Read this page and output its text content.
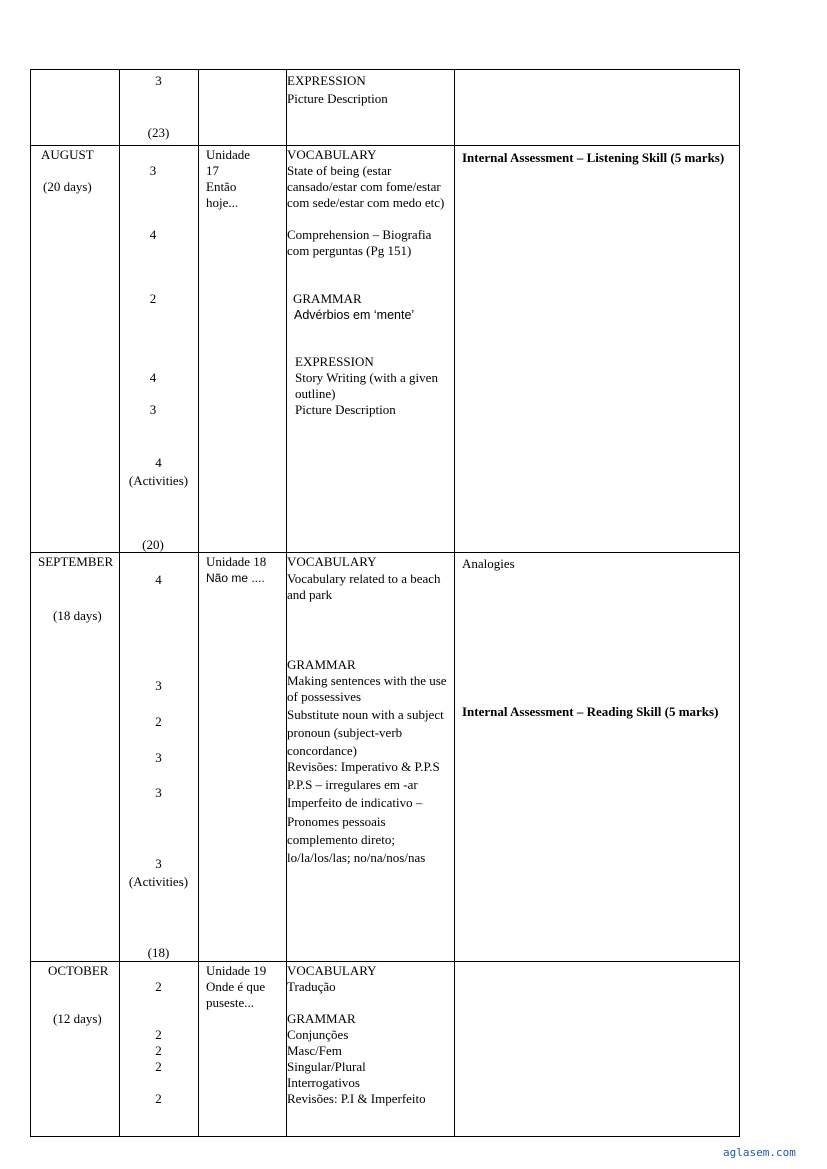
3
(23)
EXPRESSION
Picture Description
AUGUST
(20 days)
3
4
2
4
3
4
(Activities)
(20)
Unidade
17
Então
hoje...
VOCABULARY
State of being (estar cansado/estar com fome/estar com sede/estar com medo etc)
Comprehension – Biografia com perguntas (Pg 151)
GRAMMAR
Advérbios em ‘mente’
EXPRESSION
Story Writing (with a given outline)
Picture Description
Internal Assessment – Listening Skill (5 marks)
SEPTEMBER
(18 days)
4
3
2
3
3
3
(Activities)
(18)
Unidade 18
Não me ....
VOCABULARY
Vocabulary related to a beach and park
GRAMMAR
Making sentences with the use of possessives
Substitute noun with a subject pronoun (subject-verb concordance)
Revisões: Imperativo & P.P.S
P.P.S – irregulares em -ar
Imperfeito de indicativo –
Pronomes pessoais complemento direto; lo/la/los/las; no/na/nos/nas
Analogies
Internal Assessment – Reading Skill (5 marks)
OCTOBER
(12 days)
2
2
2
2
2
Unidade 19
Onde é que
puseste...
VOCABULARY
Tradução
GRAMMAR
Conjunções
Masc/Fem
Singular/Plural
Interrogativos
Revisões: P.I & Imperfeito
aglasem.com
